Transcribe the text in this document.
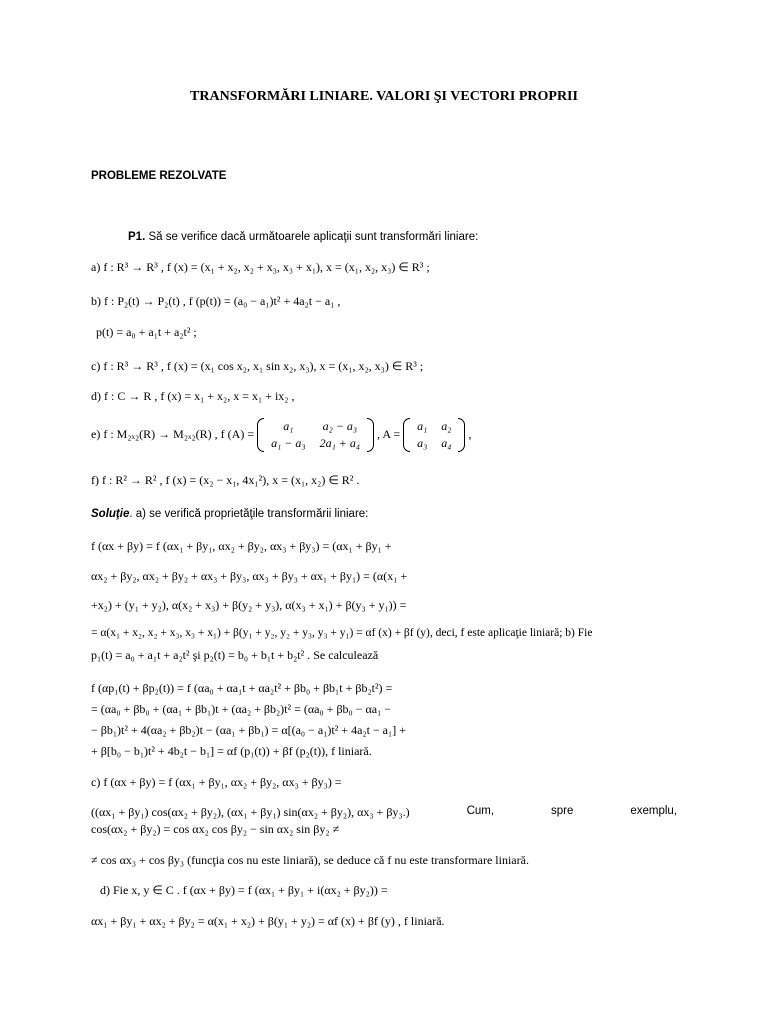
TRANSFORMĂRI LINIARE. VALORI ŞI VECTORI PROPRII
PROBLEME REZOLVATE
P1. Să se verifice dacă următoarele aplicaţii sunt transformări liniare:
a) f : R³ → R³ , f (x) = (x₁ + x₂, x₂ + x₃, x₃ + x₁), x = (x₁, x₂, x₃) ∈ R³ ;
b) f : P₂(t) → P₂(t) , f (p(t)) = (a₀ − a₁)t² + 4a₂t − a₁ ,
p(t) = a₀ + a₁t + a₂t² ;
c) f : R³ → R³ , f (x) = (x₁ cos x₂, x₁ sin x₂, x₃), x = (x₁, x₂, x₃) ∈ R³ ;
d) f : C → R , f (x) = x₁ + x₂, x = x₁ + ix₂ ,
e) f : M₂ₓ₂(R) → M₂ₓ₂(R) , f (A) =
a₁	a₂ − a₃
a₁ − a₃	2a₁ + a₄
, A =
a₁	a₂
a₃	a₄
,
f) f : R² → R² , f (x) = (x₂ − x₁, 4x₁²), x = (x₁, x₂) ∈ R² .
Soluţie. a) se verifică proprietăţile transformării liniare:
f (αx + βy) = f (αx₁ + βy₁, αx₂ + βy₂, αx₃ + βy₃) = (αx₁ + βy₁ +
αx₂ + βy₂, αx₂ + βy₂ + αx₃ + βy₃, αx₃ + βy₃ + αx₁ + βy₁) = (α(x₁ +
+x₂) + (y₁ + y₂), α(x₂ + x₃) + β(y₂ + y₃), α(x₃ + x₁) + β(y₃ + y₁)) =
= α(x₁ + x₂, x₂ + x₃, x₃ + x₁) + β(y₁ + y₂, y₂ + y₃, y₃ + y₁) = αf (x) + βf (y), deci, f este aplicaţie liniară; b) Fie
p₁(t) = a₀ + a₁t + a₂t² şi p₂(t) = b₀ + b₁t + b₂t² . Se calculează
f (αp₁(t) + βp₂(t)) = f (αa₀ + αa₁t + αa₂t² + βb₀ + βb₁t + βb₂t²) =
= (αa₀ + βb₀ + (αa₁ + βb₁)t + (αa₂ + βb₂)t² = (αa₀ + βb₀ − αa₁ −
− βb₁)t² + 4(αa₂ + βb₂)t − (αa₁ + βb₁) = α[(a₀ − a₁)t² + 4a₂t − a₁] +
+ β[b₀ − b₁)t² + 4b₂t − b₁] = αf (p₁(t)) + βf (p₂(t)), f liniară.
c) f (αx + βy) = f (αx₁ + βy₁, αx₂ + βy₂, αx₃ + βy₃) =
((αx₁ + βy₁) cos(αx₂ + βy₂), (αx₁ + βy₁) sin(αx₂ + βy₂), αx₃ + βy₃.)	Cum,	spre	exemplu,
cos(αx₂ + βy₂) = cos αx₂ cos βy₂ − sin αx₂ sin βy₂ ≠
≠ cos αx₃ + cos βy₃ (funcţia cos nu este liniară), se deduce că f nu este transformare liniară.
d) Fie x, y ∈ C . f (αx + βy) = f (αx₁ + βy₁ + i(αx₂ + βy₂)) =
αx₁ + βy₁ + αx₂ + βy₂ = α(x₁ + x₂) + β(y₁ + y₂) = αf (x) + βf (y) , f liniară.
